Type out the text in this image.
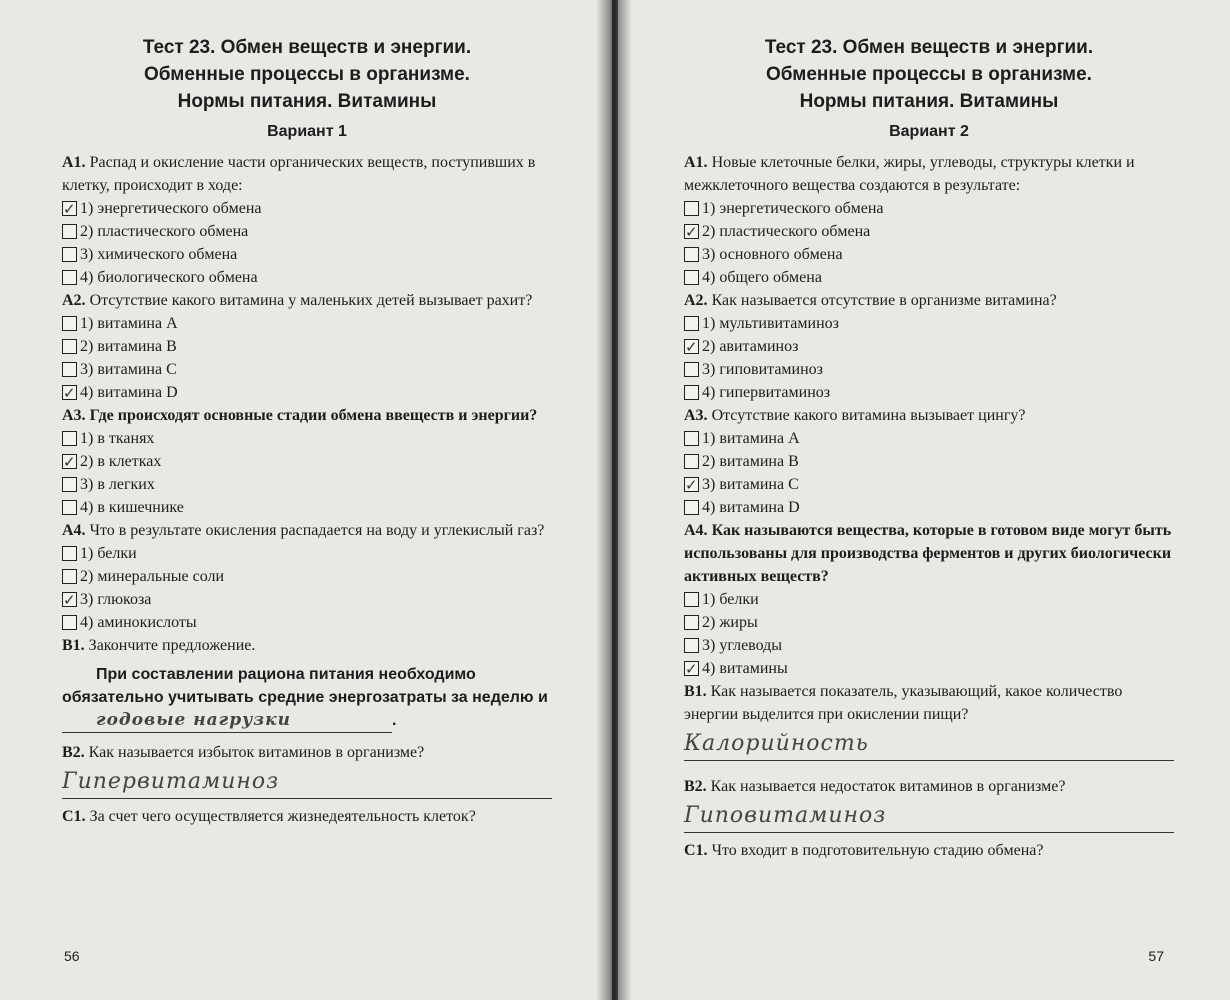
Тест 23. Обмен веществ и энергии.

Обменные процессы в организме.

Нормы питания. Витамины

Вариант 1

А1. Распад и окисление части органических веществ, поступивших в клетку, происходит в ходе:

✓
1) энергетического обмена
2) пластического обмена
3) химического обмена
4) биологического обмена

А2. Отсутствие какого витамина у маленьких детей вызывает рахит?

1) витамина А
2) витамина В
3) витамина С
✓
4) витамина D

А3. Где происходят основные стадии обмена ввеществ и энергии?

1) в тканях
✓
2) в клетках
3) в легких
4) в кишечнике

А4. Что в результате окисления распадается на воду и углекислый газ?

1) белки
2) минеральные соли
✓
3) глюкоза
4) аминокислоты

В1. Закончите предложение.

При составлении рациона питания необходимо обязательно учитывать средние энергозатраты за неделю и годовые нагрузки	.

В2. Как называется избыток витаминов в организме?

Гипервитаминоз

С1. За счет чего осуществляется жизнедеятельность клеток?

56

Тест 23. Обмен веществ и энергии.

Обменные процессы в организме.

Нормы питания. Витамины

Вариант 2

А1. Новые клеточные белки, жиры, углеводы, структуры клетки и межклеточного вещества создаются в результате:

1) энергетического обмена
✓
2) пластического обмена
3) основного обмена
4) общего обмена

А2. Как называется отсутствие в организме витамина?

1) мультивитаминоз
✓
2) авитаминоз
3) гиповитаминоз
4) гипервитаминоз

А3. Отсутствие какого витамина вызывает цингу?

1) витамина А
2) витамина В
✓
3) витамина С
4) витамина D

А4. Как называются вещества, которые в готовом виде могут быть использованы для производства ферментов и других биологически активных веществ?

1) белки
2) жиры
3) углеводы
✓
4) витамины

В1. Как называется показатель, указывающий, какое количество энергии выделится при окислении пищи?

Калорийность

В2. Как называется недостаток витаминов в организме?

Гиповитаминоз

С1. Что входит в подготовительную стадию обмена?

57
